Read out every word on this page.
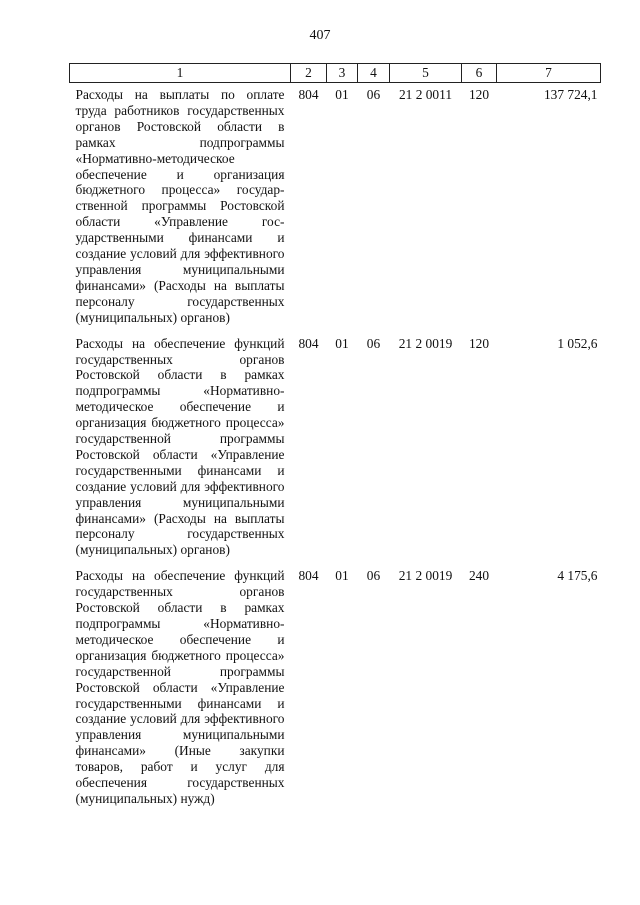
407
1	2	3	4	5	6	7
Расходы на выплаты по оплате труда работников государственных органов Ростовской области в рамках подпрограммы «Нормативно-методическое обеспечение и организация бюджетного процесса» государственной программы Ростовской области «Управление государственными финансами и создание условий для эффективного управления муниципальными финансами» (Расходы на выплаты персоналу государственных (муниципальных) органов)	804	01	06	21 2 0011	120	137 724,1
Расходы на обеспечение функций государственных органов Ростовской области в рамках подпрограммы «Нормативно-методическое обеспечение и организация бюджетного процесса» государственной программы Ростовской области «Управление государственными финансами и создание условий для эффективного управления муниципальными финансами» (Расходы на выплаты персоналу государственных (муниципальных) органов)	804	01	06	21 2 0019	120	1 052,6
Расходы на обеспечение функций государственных органов Ростовской области в рамках подпрограммы «Нормативно-методическое обеспечение и организация бюджетного процесса» государственной программы Ростовской области «Управление государственными финансами и создание условий для эффективного управления муниципальными финансами» (Иные закупки товаров, работ и услуг для обеспечения государственных (муниципальных) нужд)	804	01	06	21 2 0019	240	4 175,6
